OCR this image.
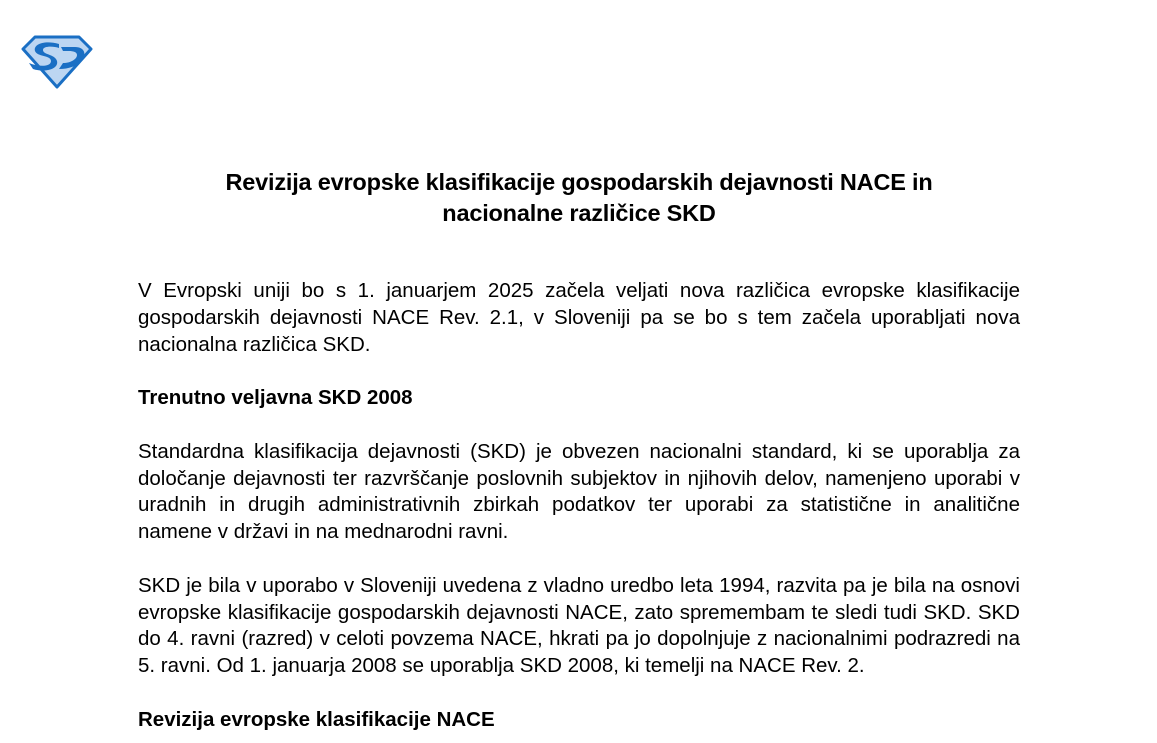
Revizija evropske klasifikacije gospodarskih dejavnosti NACE in
nacionalne različice SKD

V Evropski uniji bo s 1. januarjem 2025 začela veljati nova različica evropske klasifikacije gospodarskih dejavnosti NACE Rev. 2.1, v Sloveniji pa se bo s tem začela uporabljati nova nacionalna različica SKD.

Trenutno veljavna SKD 2008

Standardna klasifikacija dejavnosti (SKD) je obvezen nacionalni standard, ki se uporablja za določanje dejavnosti ter razvrščanje poslovnih subjektov in njihovih delov, namenjeno uporabi v uradnih in drugih administrativnih zbirkah podatkov ter uporabi za statistične in analitične namene v državi in na mednarodni ravni.

SKD je bila v uporabo v Sloveniji uvedena z vladno uredbo leta 1994, razvita pa je bila na osnovi evropske klasifikacije gospodarskih dejavnosti NACE, zato spremembam te sledi tudi SKD. SKD do 4. ravni (razred) v celoti povzema NACE, hkrati pa jo dopolnjuje z nacionalnimi podrazredi na 5. ravni. Od 1. januarja 2008 se uporablja SKD 2008, ki temelji na NACE Rev. 2.

Revizija evropske klasifikacije NACE
